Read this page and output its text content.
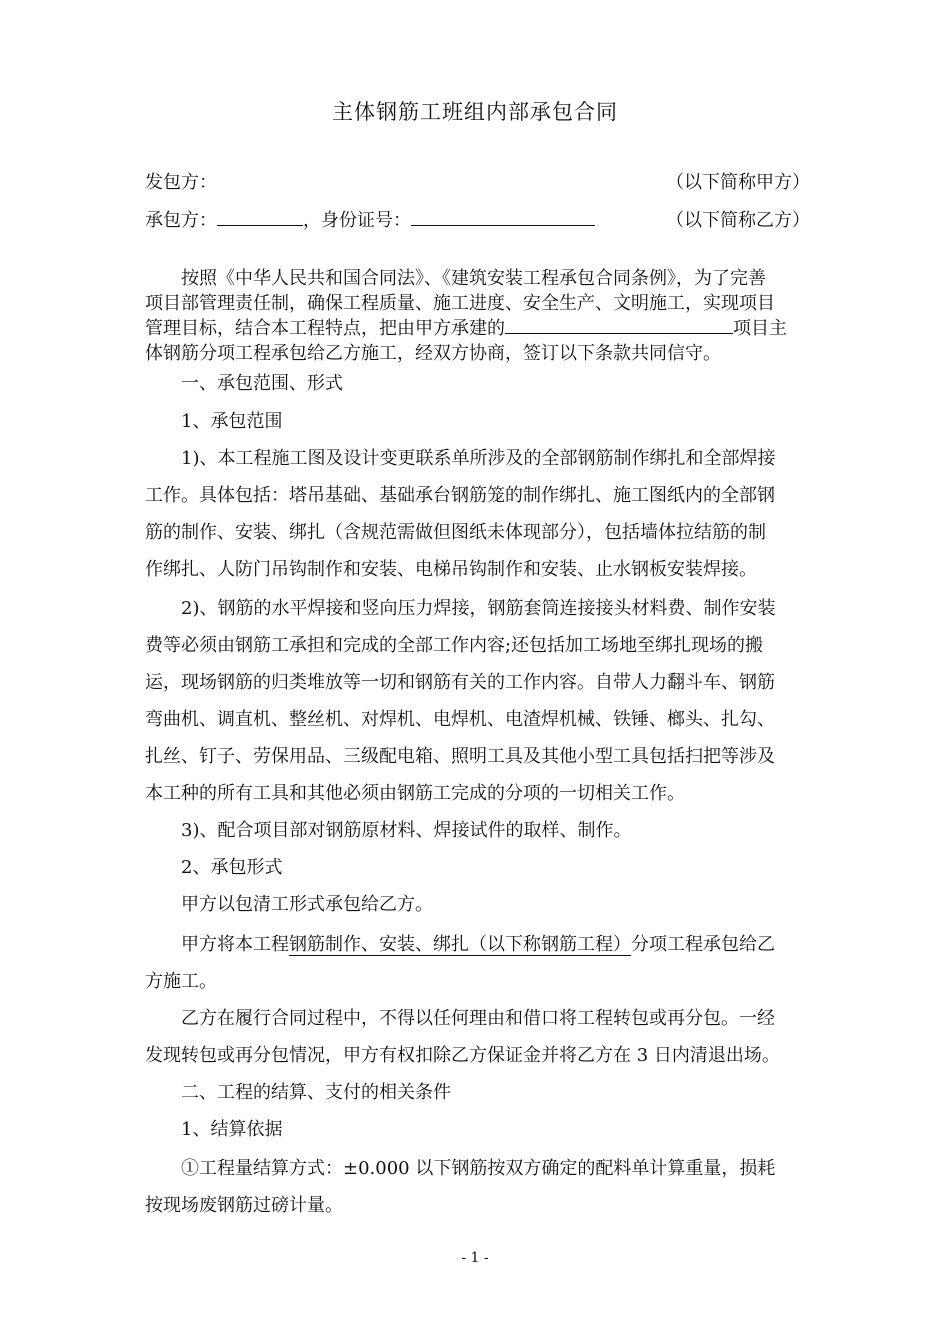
主体钢筋工班组内部承包合同
发包方：	（以下简称甲方）
承包方：	，身份证号：	（以下简称乙方）
按照《中华人民共和国合同法》、《建筑安装工程承包合同条例》，为了完善
项目部管理责任制，确保工程质量、施工进度、安全生产、文明施工，实现项目
管理目标，结合本工程特点，把由甲方承建的	项目主
体钢筋分项工程承包给乙方施工，经双方协商，签订以下条款共同信守。
一、承包范围、形式
1、承包范围
1)、本工程施工图及设计变更联系单所涉及的全部钢筋制作绑扎和全部焊接
工作。具体包括：塔吊基础、基础承台钢筋笼的制作绑扎、施工图纸内的全部钢
筋的制作、安装、绑扎（含规范需做但图纸未体现部分），包括墙体拉结筋的制
作绑扎、人防门吊钩制作和安装、电梯吊钩制作和安装、止水钢板安装焊接。
2)、钢筋的水平焊接和竖向压力焊接，钢筋套筒连接接头材料费、制作安装
费等必须由钢筋工承担和完成的全部工作内容;还包括加工场地至绑扎现场的搬
运，现场钢筋的归类堆放等一切和钢筋有关的工作内容。自带人力翻斗车、钢筋
弯曲机、调直机、整丝机、对焊机、电焊机、电渣焊机械、铁锤、榔头、扎勾、
扎丝、钉子、劳保用品、三级配电箱、照明工具及其他小型工具包括扫把等涉及
本工种的所有工具和其他必须由钢筋工完成的分项的一切相关工作。
3)、配合项目部对钢筋原材料、焊接试件的取样、制作。
2、承包形式
甲方以包清工形式承包给乙方。
甲方将本工程钢筋制作、安装、绑扎（以下称钢筋工程）分项工程承包给乙
方施工。
乙方在履行合同过程中，不得以任何理由和借口将工程转包或再分包。一经
发现转包或再分包情况，甲方有权扣除乙方保证金并将乙方在 3 日内清退出场。
二、工程的结算、支付的相关条件
1、结算依据
①工程量结算方式：±0.000 以下钢筋按双方确定的配料单计算重量，损耗
按现场废钢筋过磅计量。
- 1 -
